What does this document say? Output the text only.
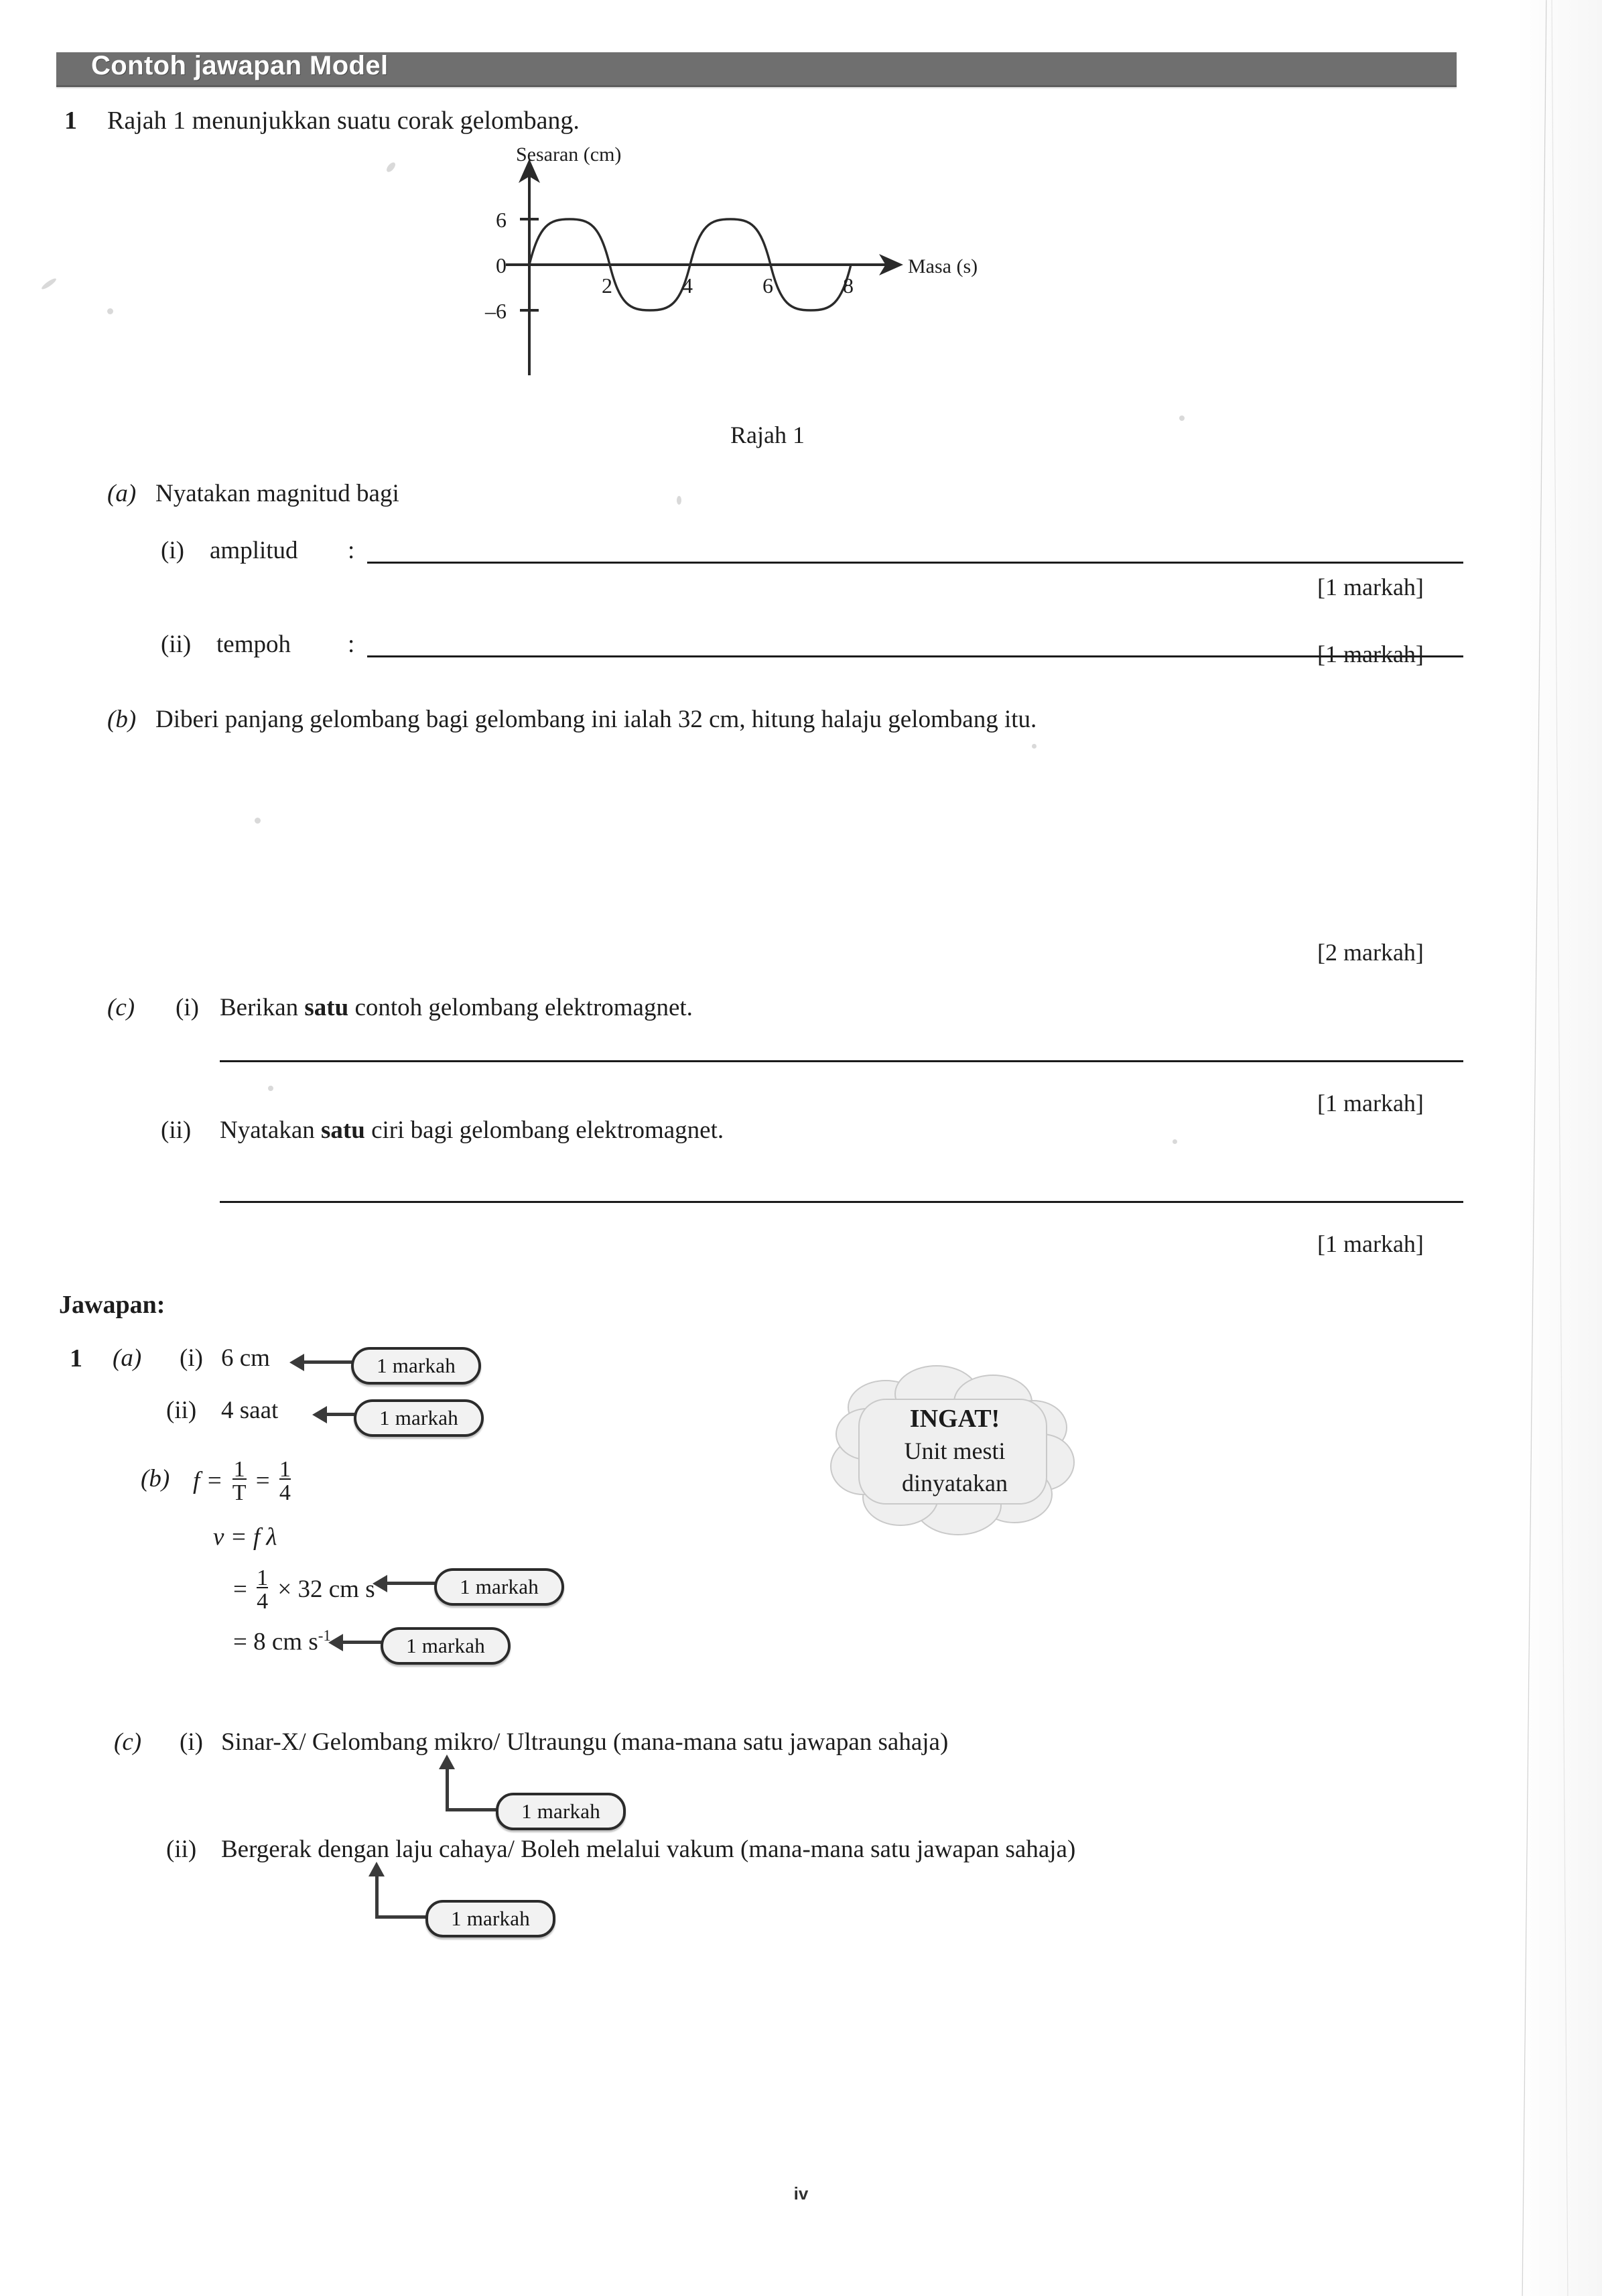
Contoh jawapan Model
1 Rajah 1 menunjukkan suatu corak gelombang.
Sesaran (cm)
Masa (s)
6
0
–6
2	4	6	8
Rajah 1
(a) Nyatakan magnitud bagi
(i) amplitud :
[1 markah]
(ii) tempoh :	[1 markah]
(b) Diberi panjang gelombang bagi gelombang ini ialah 32 cm, hitung halaju gelombang itu.
[2 markah]
(c) (i) Berikan satu contoh gelombang elektromagnet.
[1 markah]
(ii) Nyatakan satu ciri bagi gelombang elektromagnet.
[1 markah]
Jawapan:
1 (a) (i) 6 cm	1 markah
(ii) 4 saat	1 markah
(b) $f = \frac{1}{T} = \frac{1}{4}$
v = f λ
= $\frac{1}{4} \times 32$ cm $s^{-1}$	1 markah
= 8 cm $s^{-1}$	1 markah
(c) (i) Sinar-X/ Gelombang mikro/ Ultraungu (mana-mana satu jawapan sahaja)
1 markah
(ii) Bergerak dengan laju cahaya/ Boleh melalui vakum (mana-mana satu jawapan sahaja)
1 markah
INGAT!
Unit mesti
dinyatakan
iv
